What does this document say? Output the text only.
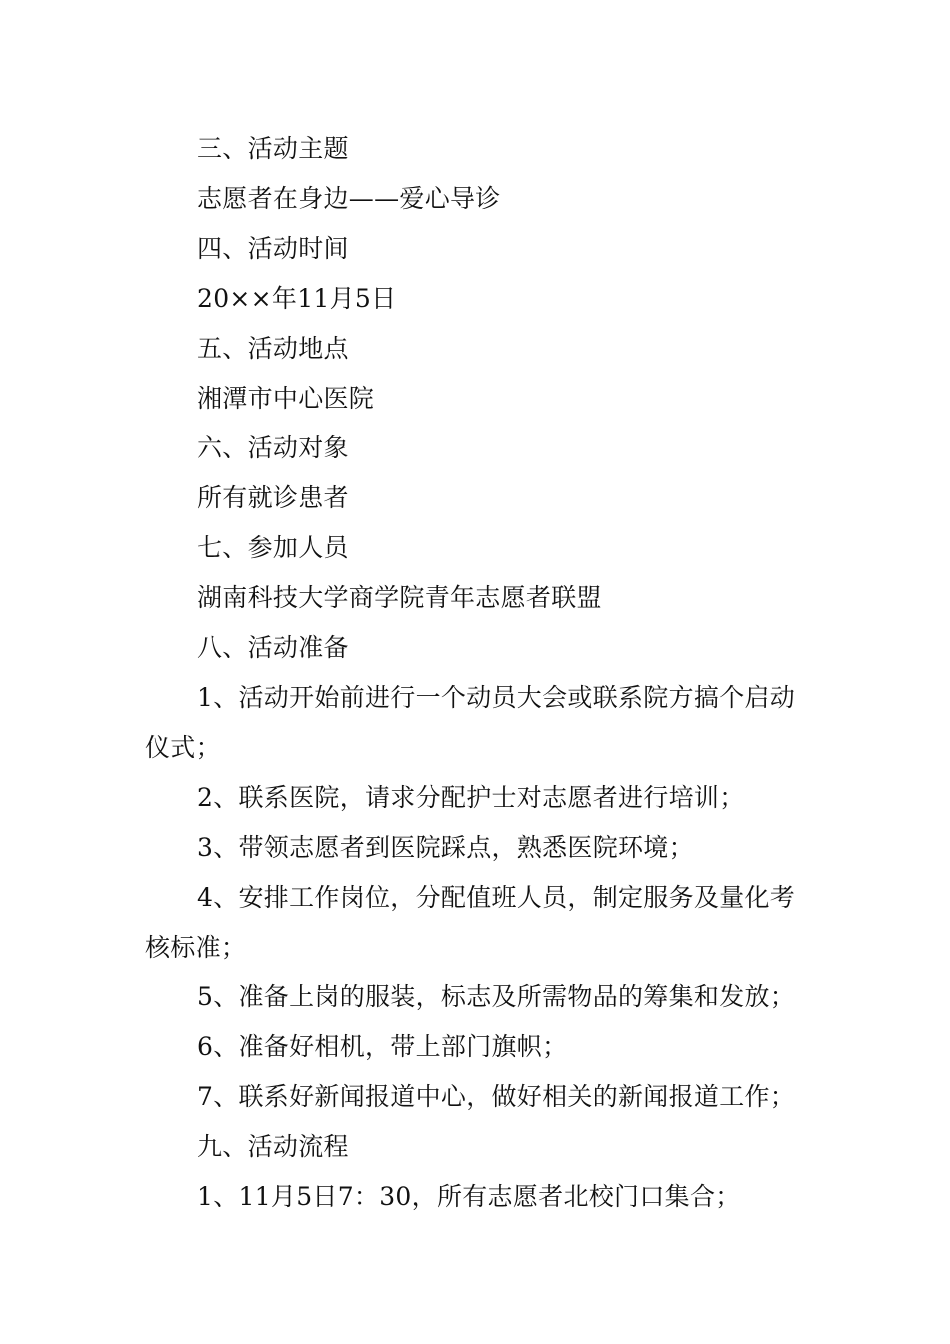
三、活动主题

志愿者在身边——爱心导诊

四、活动时间

20××年11月5日

五、活动地点

湘潭市中心医院

六、活动对象

所有就诊患者

七、参加人员

湖南科技大学商学院青年志愿者联盟

八、活动准备

1、活动开始前进行一个动员大会或联系院方搞个启动仪式；

2、联系医院，请求分配护士对志愿者进行培训；

3、带领志愿者到医院踩点，熟悉医院环境；

4、安排工作岗位，分配值班人员，制定服务及量化考核标准；

5、准备上岗的服装，标志及所需物品的筹集和发放；

6、准备好相机，带上部门旗帜；

7、联系好新闻报道中心，做好相关的新闻报道工作；

九、活动流程

1、11月5日7：30，所有志愿者北校门口集合；
